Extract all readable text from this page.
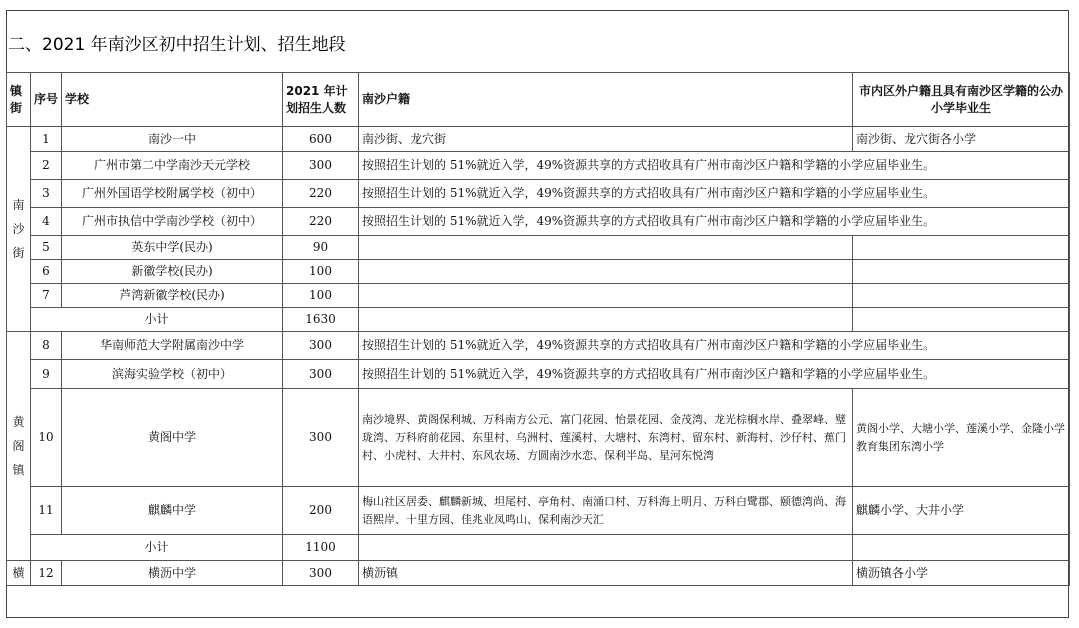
二、2021 年南沙区初中招生计划、招生地段
镇街	序号	学校	2021 年计划招生人数	南沙户籍	市内区外户籍且具有南沙区学籍的公办小学毕业生

南
沙
街	1	南沙一中	600	南沙街、龙穴街	南沙街、龙穴街各小学
	2	广州市第二中学南沙天元学校	300	按照招生计划的 51%就近入学，49%资源共享的方式招收具有广州市南沙区户籍和学籍的小学应届毕业生。	
	3	广州外国语学校附属学校（初中）	220	按照招生计划的 51%就近入学，49%资源共享的方式招收具有广州市南沙区户籍和学籍的小学应届毕业生。	
	4	广州市执信中学南沙学校（初中）	220	按照招生计划的 51%就近入学，49%资源共享的方式招收具有广州市南沙区户籍和学籍的小学应届毕业生。	
	5	英东中学(民办)	90		
	6	新徽学校(民办)	100		
	7	芦湾新徽学校(民办)	100		
	小计		1630		

黄
阁
镇	8	华南师范大学附属南沙中学	300	按照招生计划的 51%就近入学，49%资源共享的方式招收具有广州市南沙区户籍和学籍的小学应届毕业生。	
	9	滨海实验学校（初中）	300	按照招生计划的 51%就近入学，49%资源共享的方式招收具有广州市南沙区户籍和学籍的小学应届毕业生。	
	10	黄阁中学	300	南沙境界、黄阁保利城、万科南方公元、富门花园、怡景花园、金茂湾、龙光棕榈水岸、叠翠峰、璧珑湾、万科府前花园、东里村、乌洲村、莲溪村、大塘村、东湾村、留东村、新海村、沙仔村、蕉门村、小虎村、大井村、东风农场、方圆南沙水恋、保利半岛、星河东悦湾	黄阁小学、大塘小学、莲溪小学、金隆小学教育集团东湾小学
	11	麒麟中学	200	梅山社区居委、麒麟新城、坦尾村、亭角村、南涌口村、万科海上明月、万科白鹭郡、颐德湾尚、海语熙岸、十里方园、佳兆业凤鸣山、保利南沙天汇	麒麟小学、大井小学
	小计		1100		
横	12	横沥中学	300	横沥镇	横沥镇各小学
